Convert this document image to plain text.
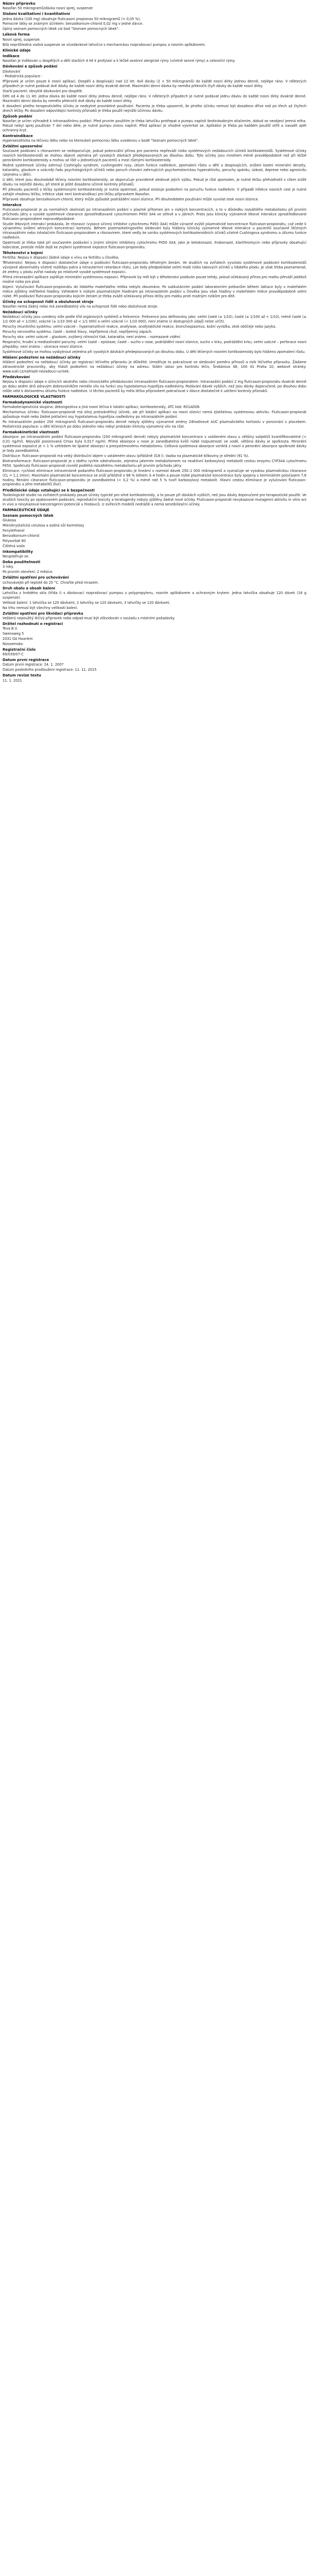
Název přípravku

Nasofan 50 mikrogramů/dávka nosní sprej, suspenze

Složení kvalitativní i kvantitativní

Jedna dávka (100 mg) obsahuje fluticasoni propionas 50 mikrogramů (= 0,05 %).

Pomocné látky se známým účinkem: benzalkonium-chlorid 0,02 mg v jedné dávce.

Úplný seznam pomocných látek viz bod "Seznam pomocných látek".

Léková forma

Nosní sprej, suspenze.

Bílá neprůhledná vodná suspenze ve vícedávkové lahvičce s mechanickou rozprašovací pumpou a nosním aplikátorem.

Klinické údaje
Indikace

Nasofan je indikován u dospělých a dětí starších 4 let k profylaxi a k léčbě sezónní alergické rýmy (včetně senné rýmy) a celoroční rýmy.

Dávkování a způsob podání

Dávkování

- Pediatrická populace -

Přípravek je určen pouze k nosní aplikaci. Dospělí a dospívající nad 12 let: dvě dávky (2 × 50 mikrogramů) do každé nosní dírky jednou denně, nejlépe ráno. V některých případech je nutné podávat dvě dávky do každé nosní dírky dvakrát denně. Maximální denní dávka by neměla překročit čtyři dávky do každé nosní dírky.

Starší pacienti: obvyklé dávkování pro dospělé.

Děti od 4 do 11 let: jedna dávka do každé nosní dírky jednou denně, nejlépe ráno. V některých případech je nutné podávat jednu dávku do každé nosní dírky dvakrát denně. Maximální denní dávka by neměla překročit dvě dávky do každé nosní dírky.

K dosažení plného terapeutického účinku je nezbytné pravidelné používání. Pacienta je třeba upozornit, že plného účinku nemusí být dosaženo dříve než po třech až čtyřech dnech léčby. Po dosažení odpovídající kontroly příznaků je třeba použít nejnižší účinnou dávku.

Způsob podání

Nasofan je určen výhradně k intranazálnímu podání. Před prvním použitím je třeba lahvičku protřepat a pumpu naplnit šestinásobným stlačením, dokud se neobjeví jemná mlha. Pokud nebyl sprej používán 7 dní nebo déle, je nutné pumpu znovu naplnit. Před aplikací je vhodné vysmrkat se. Aplikátor je třeba po každém použití otřít a nasadit zpět ochranný kryt.

Kontraindikace

Hypersenzitivita na léčivou látku nebo na kteroukoli pomocnou látku uvedenou v bodě "Seznam pomocných látek".

Zvláštní upozornění

Současné podávání s ritonavirem se nedoporučuje, pokud potenciální přínos pro pacienta nepřeváží riziko systémových nežádoucích účinků kortikosteroidů. Systémové účinky nosních kortikosteroidů se mohou objevit zejména při vysokých dávkách předepisovaných po dlouhou dobu. Tyto účinky jsou mnohem méně pravděpodobné než při léčbě perorálními kortikosteroidy a mohou se lišit u jednotlivých pacientů a mezi různými kortikosteroidy.

Možné systémové účinky zahrnují Cushingův syndrom, cushingoidní rysy, útlum funkce nadledvin, zpomalení růstu u dětí a dospívajících, snížení kostní minerální denzity, kataraktu, glaukom a vzácněji řadu psychologických účinků nebo poruch chování zahrnujících psychomotorickou hyperaktivitu, poruchy spánku, úzkost, deprese nebo agresivitu (zejména u dětí).

U dětí, které jsou dlouhodobě léčeny nosními kortikosteroidy, se doporučuje pravidelně sledovat jejich výšku. Pokud je růst zpomalen, je nutné léčbu přehodnotit s cílem snížit dávku na nejnižší dávku, při které je ještě dosaženo účinné kontroly příznaků.

Při převodu pacientů z léčby systémovými kortikosteroidy je nutná opatrnost, pokud existuje podezření na poruchu funkce nadledvin. V případě infekce nosních cest je nutné zahájit vhodnou léčbu; infekce však není kontraindikací pro léčbu přípravkem Nasofan.

Přípravek obsahuje benzalkonium-chlorid, který může způsobit podráždění nosní sliznice. Při dlouhodobém používání může vyvolat otok nosní sliznice.

Interakce

Fluticason-propionát je za normálních okolností po intranazálním podání v plazmě přítomen jen v nízkých koncentracích, a to v důsledku rozsáhlého metabolismu při prvním průchodu játry a vysoké systémové clearance zprostředkované cytochromem P450 3A4 ve střevě a v játrech. Proto jsou klinicky významné lékové interakce zprostředkované fluticason-propionátem nepravděpodobné.

Studie lékových interakcí prokázala, že ritonavir (vysoce účinný inhibitor cytochromu P450 3A4) může výrazně zvýšit plazmatické koncentrace fluticason-propionátu, což vede k výraznému snížení sérových koncentrací kortizolu. Během postmarketingového sledování byly hlášeny klinicky významné lékové interakce u pacientů současně léčených intranazálním nebo inhalačním fluticason-propionátem a ritonavirem, které vedly ke vzniku systémových kortikosteroidních účinků včetně Cushingova syndromu a útlumu funkce nadledvin.

Opatrnosti je třeba také při současném podávání s jinými silnými inhibitory cytochromu P450 3A4, jako je ketokonazol, itrakonazol, klarithromycin nebo přípravky obsahující kobicistat, protože může dojít ke zvýšení systémové expozice fluticason-propionátu.

Těhotenství a kojení

Fertilita: Nejsou k dispozici žádné údaje o vlivu na fertilitu u člověka.

Těhotenství: Nejsou k dispozici dostatečné údaje o podávání fluticason-propionátu těhotným ženám. Ve studiích na zvířatech vyvolalo systémové podávání kortikosteroidů vývojové abnormality včetně rozštěpu patra a intrauterinní retardace růstu. Lze tedy předpokládat velmi malé riziko takových účinků u lidského plodu. Je však třeba poznamenat, že změny u plodu zvířat nastaly po relativně vysoké systémové expozici.

Přímá intranazální aplikace zajišťuje minimální systémovou expozici. Přípravek by měl být v těhotenství podáván pouze tehdy, pokud očekávaný přínos pro matku převáží jakékoli možné riziko pro plod.

Kojení: Vylučování fluticason-propionátu do lidského mateřského mléka nebylo zkoumáno. Po subkutánním podání laboratorním potkanům během laktace byly v mateřském mléce zjištěny měřitelné hladiny. Vzhledem k nízkým plazmatickým hladinám po intranazálním podání u člověka jsou však hladiny v mateřském mléce pravděpodobně velmi nízké. Při podávání fluticason-propionátu kojícím ženám je třeba zvážit očekávaný přínos léčby pro matku proti možným rizikům pro dítě.

Účinky na schopnost řídit a obsluhovat stroje

Nasofan nemá žádný nebo má zanedbatelný vliv na schopnost řídit nebo obsluhovat stroje.

Nežádoucí účinky

Nežádoucí účinky jsou uvedeny níže podle tříd orgánových systémů a frekvence. Frekvence jsou definovány jako: velmi časté (≥ 1/10), časté (≥ 1/100 až < 1/10), méně časté (≥ 1/1 000 až < 1/100), vzácné (≥ 1/10 000 až < 1/1 000) a velmi vzácné (< 1/10 000), není známo (z dostupných údajů nelze určit).

Poruchy imunitního systému: velmi vzácné – hypersenzitivní reakce, anafylaxe, anafylaktické reakce, bronchospasmus, kožní vyrážka, otok obličeje nebo jazyka.

Poruchy nervového systému: časté – bolest hlavy, nepříjemná chuť, nepříjemný zápach.

Poruchy oka: velmi vzácné – glaukom, zvýšený nitrooční tlak, katarakta; není známo – rozmazané vidění.

Respirační, hrudní a mediastinální poruchy: velmi časté – epistaxe; časté – sucho v nose, podráždění nosní sliznice, sucho v krku, podráždění krku; velmi vzácné – perforace nosní přepážky; není známo – ulcerace nosní sliznice.

Systémové účinky se mohou vyskytnout zejména při vysokých dávkách předepisovaných po dlouhou dobu. U dětí léčených nosními kortikosteroidy bylo hlášeno zpomalení růstu.

Hlášení podezření na nežádoucí účinky

Hlášení podezření na nežádoucí účinky po registraci léčivého přípravku je důležité. Umožňuje to pokračovat ve sledování poměru přínosů a rizik léčivého přípravku. Žádáme zdravotnické pracovníky, aby hlásili podezření na nežádoucí účinky na adresu: Státní ústav pro kontrolu léčiv, Šrobárova 48, 100 41 Praha 10, webové stránky: www.sukl.cz/nahlasit-nezadouci-ucinek.

Předávkování

Nejsou k dispozici údaje o účincích akutního nebo chronického předávkování intranazálním fluticason-propionátem. Intranazální podání 2 mg fluticason-propionátu dvakrát denně po dobu sedmi dnů zdravým dobrovolníkům nemělo vliv na funkci osy hypotalamus–hypofýza–nadledviny. Podávání dávek vyšších, než jsou dávky doporučené, po dlouhou dobu může vést k dočasnému útlumu funkce nadledvin. U těchto pacientů by měla léčba přípravkem pokračovat v dávce dostatečné k udržení kontroly příznaků.

FARMAKOLOGICKÉ VLASTNOSTI
Farmakodynamické vlastnosti

Farmakoterapeutická skupina: dekongestiva a jiná nosní léčiva k lokální aplikaci, kortikosteroidy, ATC kód: R01AD08.

Mechanismus účinku: fluticason-propionát má silný protizánětlivý účinek, ale při lokální aplikaci na nosní sliznici nemá zjistitelnou systémovou aktivitu. Fluticason-propionát způsobuje malé nebo žádné potlačení osy hypotalamus–hypofýza–nadledviny po intranazálním podání.

Po intranazálním podání 200 mikrogramů fluticason-propionátu denně nebyly zjištěny významné změny 24hodinové AUC plazmatického kortizolu v porovnání s placebem. Pediatrická populace: u dětí léčených po dobu jednoho roku nebyl prokázán klinicky významný vliv na růst.

Farmakokinetické vlastnosti

Absorpce: po intranazálním podání fluticason-propionátu (200 mikrogramů denně) nebyly plazmatické koncentrace v ustáleném stavu u většiny subjektů kvantifikovatelné (< 0,01 ng/ml). Nejvyšší pozorovaná Cmax byla 0,017 ng/ml. Přímá absorpce v nose je zanedbatelná kvůli nízké rozpustnosti ve vodě, většina dávky je spolknuta. Perorální systémová expozice je < 1 % vzhledem ke špatné absorpci a presystémovému metabolismu. Celková systémová absorpce vzniklá z nosní a perorální absorpce spolknuté dávky je tedy zanedbatelná.

Distribuce: fluticason-propionát má velký distribuční objem v ustáleném stavu (přibližně 318 l). Vazba na plazmatické bílkoviny je střední (91 %).

Biotransformace: fluticason-propionát je z oběhu rychle odstraňován, zejména jaterním metabolismem na neaktivní karboxylový metabolit cestou enzymu CYP3A4 cytochromu P450. Spolknutý fluticason-propionát rovněž podléhá rozsáhlému metabolismu při prvním průchodu játry.

Eliminace: rychlost eliminace intravenózně podaného fluticason-propionátu je lineární v rozmezí dávek 250–1 000 mikrogramů a vyznačuje se vysokou plazmatickou clearance (CL = 1,1 l/min). Maximální plazmatické koncentrace se sníží přibližně o 98 % během 3–4 hodin a pouze nízké plazmatické koncentrace byly spojeny s terminálním poločasem 7,8 hodiny. Renální clearance fluticason-propionátu je zanedbatelná (< 0,2 %) a méně než 5 % tvoří karboxylový metabolit. Hlavní cestou eliminace je vylučování fluticason-propionátu a jeho metabolitů žlučí.

Předklinické údaje vztahující se k bezpečnosti

Toxikologické studie na zvířatech prokázaly pouze účinky typické pro silné kortikosteroidy, a to pouze při dávkách vyšších, než jsou dávky doporučené pro terapeutické použití. Ve studiích toxicity po opakovaném podávání, reprodukční toxicity a teratogenity nebyly zjištěny žádné nové účinky. Fluticason-propionát nevykazoval mutagenní aktivitu in vitro ani in vivo a nevykazoval kancerogenní potenciál u hlodavců. U zvířecích modelů nedráždí a nemá senzibilizační účinky.

FARMACEUTICKÉ ÚDAJE
Seznam pomocných látek

Glukosa

Mikrokrystalická celulosa a sodná sůl karmelosy

Fenylethanol

Benzalkonium-chlorid

Polysorbát 80

Čištěná voda

Inkompatibility

Neuplatňuje se.

Doba použitelnosti

3 roky.

Po prvním otevření: 2 měsíce.

Zvláštní opatření pro uchovávání

Uchovávejte při teplotě do 25 °C. Chraňte před mrazem.

Druh obalu a obsah balení

Lahvička z hnědého skla (třída I) s dávkovací rozprašovací pumpou z polypropylenu, nosním aplikátorem a ochranným krytem. Jedna lahvička obsahuje 120 dávek (16 g suspenze).

Velikost balení: 1 lahvička se 120 dávkami, 2 lahvičky se 120 dávkami, 3 lahvičky se 120 dávkami.

Na trhu nemusí být všechny velikosti balení.

Zvláštní opatření pro likvidaci přípravku

Veškerý nepoužitý léčivý přípravek nebo odpad musí být zlikvidován v souladu s místními požadavky.

Držitel rozhodnutí o registraci

Teva B.V.

Swensweg 5

2031 GA Haarlem

Nizozemsko

Registrační číslo

69/039/07-C

Datum první registrace

Datum první registrace: 24. 1. 2007

Datum posledního prodloužení registrace: 11. 11. 2015

Datum revize textu

11. 1. 2021
